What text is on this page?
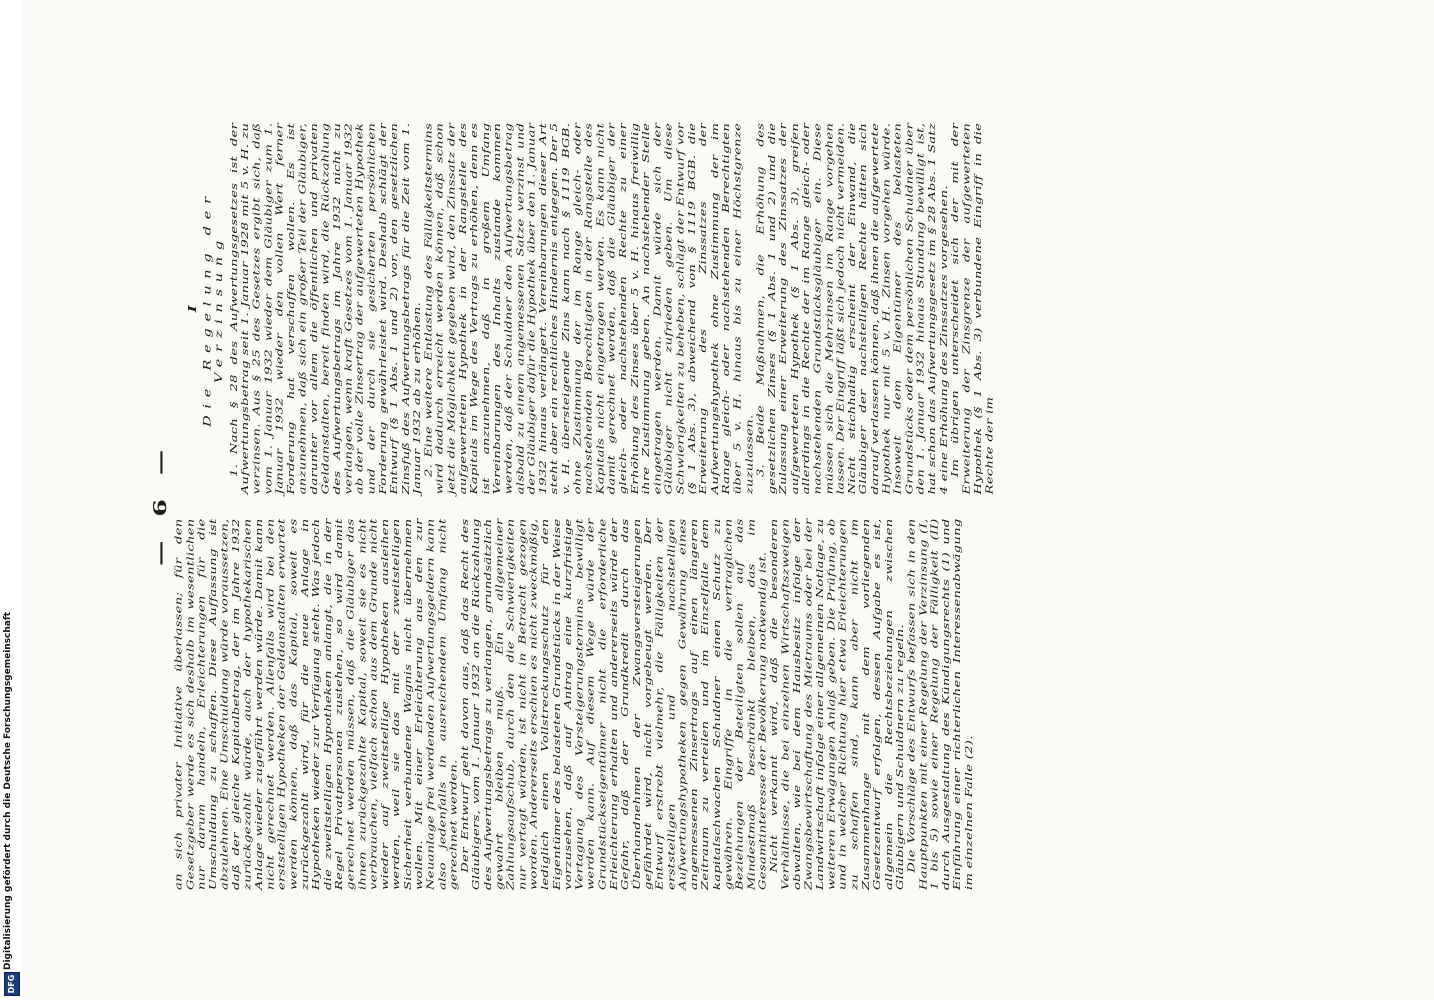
Digitalisierung gefördert durch die Deutsche Forschungsgemeinschaft
DFG
— 6 —

an sich privater Initiative überlassen; für den Gesetzgeber werde es sich deshalb im wesentlichen nur darum handeln, Erleichterungen für die Umschuldung zu schaffen. Diese Auffassung ist abzulehnen. Eine Umschuldung würde voraussetzen, daß der gleiche Kapitalbetrag, der im Jahre 1932 zurückgezahlt würde, auch der hypothekarischen Anlage wieder zugeführt werden würde. Damit kann nicht gerechnet werden. Allenfalls wird bei den erststelligen Hypotheken der Geldanstalten erwartet werden können, daß das Kapital, soweit es zurückgezahlt wird, für die neue Anlage in Hypotheken wieder zur Verfügung steht. Was jedoch die zweitstelligen Hypotheken anlangt, die in der Regel Privatpersonen zustehen, so wird damit gerechnet werden müssen, daß die Gläubiger das ihnen zurückgezahlte Kapital, soweit sie es nicht verbrauchen, vielfach schon aus dem Grunde nicht wieder auf zweitstellige Hypotheken ausleihen werden, weil sie das mit der zweitstelligen Sicherheit verbundene Wagnis nicht übernehmen wollen. Mit einer Erleichterung aus den zur Neuanlage frei werdenden Aufwertungsgeldern kann also jedenfalls in ausreichendem Umfang nicht gerechnet werden. Der Entwurf geht davon aus, daß das Recht des Gläubigers, vom 1. Januar 1932 an die Rückzahlung des Aufwertungsbetrags zu verlangen, grundsätzlich gewahrt bleiben muß. Ein allgemeiner Zahlungsaufschub, durch den die Schwierigkeiten nur vertagt würden, ist nicht in Betracht gezogen worden. Andererseits erschien es nicht zweckmäßig, lediglich einen Vollstreckungsschutz für den Eigentümer des belasteten Grundstücks in der Weise vorzusehen, daß auf Antrag eine kurzfristige Vertagung des Versteigerungstermins bewilligt werden kann. Auf diesem Wege würde der Grundstückseigentümer nicht die erforderliche Erleichterung erhalten und andererseits würde der Gefahr, daß der Grundkredit durch das Überhandnehmen der Zwangsversteigerungen gefährdet wird, nicht vorgebeugt werden. Der Entwurf erstrebt vielmehr, die Fälligkeiten der erststelligen und nachstelligen Aufwertungshypotheken gegen Gewährung eines angemessenen Zinsertrags auf einen längeren Zeitraum zu verteilen und im Einzelfalle dem kapitalschwachen Schuldner einen Schutz zu gewähren. Eingriffe in die vertraglichen Beziehungen der Beteiligten sollen auf das Mindestmaß beschränkt bleiben, das im Gesamtinteresse der Bevölkerung notwendig ist. Nicht verkannt wird, daß die besonderen Verhältnisse, die bei einzelnen Wirtschaftszweigen obwalten, wie bei dem Hausbesitz infolge der Zwangsbewirtschaftung des Mietraums oder bei der Landwirtschaft infolge einer allgemeinen Notlage, zu weiteren Erwägungen Anlaß geben. Die Prüfung, ob und in welcher Richtung hier etwa Erleichterungen zu schaffen sind, kann aber nicht im Zusammenhange mit dem vorliegenden Gesetzentwurf erfolgen, dessen Aufgabe es ist, allgemein die Rechtsbeziehungen zwischen Gläubigern und Schuldnern zu regeln. Die Vorschläge des Entwurfs befassen sich in den Hauptpunkten mit einer Regelung der Verzinsung (I, 1 bis 5) sowie einer Regelung der Fälligkeit (II) durch Ausgestaltung des Kündigungsrechts (1) und Einführung einer richterlichen Interessenabwägung im einzelnen Falle (2).

I Die Regelung der Verzinsung 1. Nach § 28 des Aufwertungsgesetzes ist der Aufwertungsbetrag seit 1. Januar 1928 mit 5 v. H. zu verzinsen. Aus § 25 des Gesetzes ergibt sich, daß vom 1. Januar 1932 wieder dem Gläubiger zum 1. Januar 1932 wieder den vollen Wert ferner Forderung hat verschaffen wollen. Es ist anzunehmen, daß sich ein großer Teil der Gläubiger, darunter vor allem die öffentlichen und privaten Geldanstalten, bereit finden wird, die Rückzahlung des Aufwertungsbetrags im Jahre 1932 nicht zu verlangen, wenn kraft Gesetzes vom 1. Januar 1932 ab der volle Zinsertrag der aufgewerteten Hypothek und der durch sie gesicherten persönlichen Forderung gewährleistet wird. Deshalb schlägt der Entwurf (§ 1 Abs. 1 und 2) vor, den gesetzlichen Zinsfuß des Aufwertungsbetrags für die Zeit vom 1. Januar 1932 ab zu erhöhen. 2. Eine weitere Entlastung des Fälligkeitstermins wird dadurch erreicht werden können, daß schon jetzt die Möglichkeit gegeben wird, den Zinssatz der aufgewerteten Hypothek in der Rangstelle des Kapitals im Wege des Vertrags zu erhöhen, denn es ist anzunehmen, daß in großem Umfang Vereinbarungen des Inhalts zustande kommen werden, daß der Schuldner den Aufwertungsbetrag alsbald zu einem angemessenen Satze verzinst und der Gläubiger dafür die Hypothek über den 1. Januar 1932 hinaus verlängert. Vereinbarungen dieser Art steht aber ein rechtliches Hindernis entgegen. Der 5 v. H. übersteigende Zins kann nach § 1119 BGB. ohne Zustimmung der im Range gleich- oder nachstehenden Berechtigten in der Rangstelle des Kapitals nicht eingetragen werden. Es kann nicht damit gerechnet werden, daß die Gläubiger der gleich- oder nachstehenden Rechte zu einer Erhöhung des Zinses über 5 v. H. hinaus freiwillig ihre Zustimmung geben. An nachstehender Stelle eingetragen werden. Damit würde sich der Gläubiger nicht zufrieden geben. Um diese Schwierigkeiten zu beheben, schlägt der Entwurf vor (§ 1 Abs. 3), abweichend von § 1119 BGB. die Erweiterung des Zinssatzes der Aufwertungshypothek ohne Zustimmung der im Range gleich- oder nachstehenden Berechtigten über 5 v. H. hinaus bis zu einer Höchstgrenze zuzulassen. 3. Beide Maßnahmen, die Erhöhung des gesetzlichen Zinses (§ 1 Abs. 1 und 2) und die Zulassung einer Erweiterung des Zinssatzes der aufgewerteten Hypothek (§ 1 Abs. 3), greifen allerdings in die Rechte der im Range gleich- oder nachstehenden Grundstücksgläubiger ein. Diese müssen sich die Mehrzinsen im Range vorgehen lassen. Der Eingriff läßt sich jedoch nicht vermeiden. Nicht stichhaltig erscheint der Einwand, die Gläubiger der nachstelligen Rechte hätten sich darauf verlassen können, daß ihnen die aufgewertete Hypothek nur mit 5 v. H. Zinsen vorgehen würde. Insoweit dem Eigentümer des belasteten Grundstücks oder dem persönlichen Schuldner über den 1. Januar 1932 hinaus Stundung bewilligt ist, hat schon das Aufwertungsgesetz im § 28 Abs. 1 Satz 4 eine Erhöhung des Zinssatzes vorgesehen. Im übrigen unterscheidet sich der mit der Erweiterung der Zinsgrenze der aufgewerteten Hypothek (§ 1 Abs. 3) verbundene Eingriff in die Rechte der im
